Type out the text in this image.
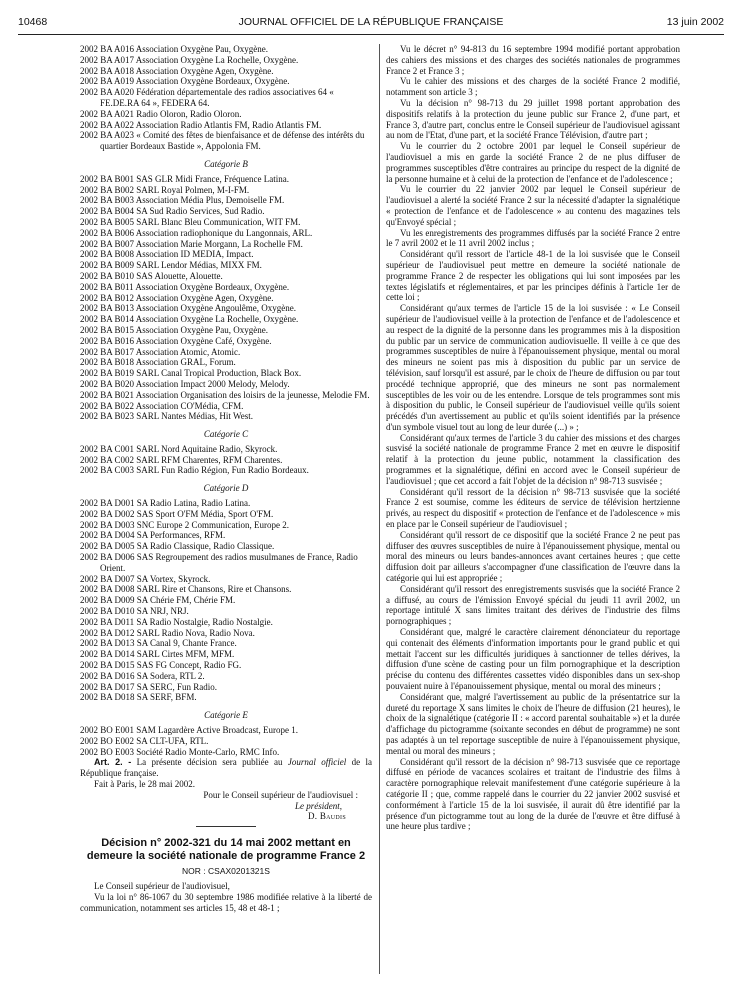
10468	JOURNAL OFFICIEL DE LA RÉPUBLIQUE FRANÇAISE	13 juin 2002
2002 BA A016 Association Oxygène Pau, Oxygène.
2002 BA A017 Association Oxygène La Rochelle, Oxygène.
2002 BA A018 Association Oxygène Agen, Oxygène.
2002 BA A019 Association Oxygène Bordeaux, Oxygène.
2002 BA A020 Fédération départementale des radios associatives 64 « FE.DE.RA 64 », FEDERA 64.
2002 BA A021 Radio Oloron, Radio Oloron.
2002 BA A022 Association Radio Atlantis FM, Radio Atlantis FM.
2002 BA A023 « Comité des fêtes de bienfaisance et de défense des intérêts du quartier Bordeaux Bastide », Appolonia FM.
Catégorie B
2002 BA B001 SAS GLR Midi France, Fréquence Latina.
2002 BA B002 SARL Royal Polmen, M-I-FM.
2002 BA B003 Association Média Plus, Demoiselle FM.
2002 BA B004 SA Sud Radio Services, Sud Radio.
2002 BA B005 SARL Blanc Bleu Communication, WIT FM.
2002 BA B006 Association radiophonique du Langonnais, ARL.
2002 BA B007 Association Marie Morgann, La Rochelle FM.
2002 BA B008 Association ID MEDIA, Impact.
2002 BA B009 SARL Lendor Médias, MIXX FM.
2002 BA B010 SAS Alouette, Alouette.
2002 BA B011 Association Oxygène Bordeaux, Oxygène.
2002 BA B012 Association Oxygène Agen, Oxygène.
2002 BA B013 Association Oxygène Angoulême, Oxygène.
2002 BA B014 Association Oxygène La Rochelle, Oxygène.
2002 BA B015 Association Oxygène Pau, Oxygène.
2002 BA B016 Association Oxygène Café, Oxygène.
2002 BA B017 Association Atomic, Atomic.
2002 BA B018 Association GRAL, Forum.
2002 BA B019 SARL Canal Tropical Production, Black Box.
2002 BA B020 Association Impact 2000 Melody, Melody.
2002 BA B021 Association Organisation des loisirs de la jeunesse, Melodie FM.
2002 BA B022 Association CO'Média, CFM.
2002 BA B023 SARL Nantes Médias, Hit West.
Catégorie C
2002 BA C001 SARL Nord Aquitaine Radio, Skyrock.
2002 BA C002 SARL RFM Charentes, RFM Charentes.
2002 BA C003 SARL Fun Radio Région, Fun Radio Bordeaux.
Catégorie D
2002 BA D001 SA Radio Latina, Radio Latina.
2002 BA D002 SAS Sport O'FM Média, Sport O'FM.
2002 BA D003 SNC Europe 2 Communication, Europe 2.
2002 BA D004 SA Performances, RFM.
2002 BA D005 SA Radio Classique, Radio Classique.
2002 BA D006 SAS Regroupement des radios musulmanes de France, Radio Orient.
2002 BA D007 SA Vortex, Skyrock.
2002 BA D008 SARL Rire et Chansons, Rire et Chansons.
2002 BA D009 SA Chérie FM, Chérie FM.
2002 BA D010 SA NRJ, NRJ.
2002 BA D011 SA Radio Nostalgie, Radio Nostalgie.
2002 BA D012 SARL Radio Nova, Radio Nova.
2002 BA D013 SA Canal 9, Chante France.
2002 BA D014 SARL Cirtes MFM, MFM.
2002 BA D015 SAS FG Concept, Radio FG.
2002 BA D016 SA Sodera, RTL 2.
2002 BA D017 SA SERC, Fun Radio.
2002 BA D018 SA SERF, BFM.
Catégorie E
2002 BO E001 SAM Lagardère Active Broadcast, Europe 1.
2002 BO E002 SA CLT-UFA, RTL.
2002 BO E003 Société Radio Monte-Carlo, RMC Info.
Art. 2. - La présente décision sera publiée au Journal officiel de la République française.
Fait à Paris, le 28 mai 2002.
Pour le Conseil supérieur de l'audiovisuel :
Le président,
D. Baudis
Décision n° 2002-321 du 14 mai 2002 mettant en demeure la société nationale de programme France 2
NOR : CSAX0201321S
Le Conseil supérieur de l'audiovisuel,
Vu la loi n° 86-1067 du 30 septembre 1986 modifiée relative à la liberté de communication, notamment ses articles 15, 48 et 48-1 ;
Vu le décret n° 94-813 du 16 septembre 1994 modifié portant approbation des cahiers des missions et des charges des sociétés nationales de programmes France 2 et France 3 ;
Vu le cahier des missions et des charges de la société France 2 modifié, notamment son article 3 ;
Vu la décision n° 98-713 du 29 juillet 1998 portant approbation des dispositifs relatifs à la protection du jeune public sur France 2, d'une part, et France 3, d'autre part, conclus entre le Conseil supérieur de l'audiovisuel agissant au nom de l'Etat, d'une part, et la société France Télévision, d'autre part ;
Vu le courrier du 2 octobre 2001 par lequel le Conseil supérieur de l'audiovisuel a mis en garde la société France 2 de ne plus diffuser de programmes susceptibles d'être contraires au principe du respect de la dignité de la personne humaine et à celui de la protection de l'enfance et de l'adolescence ;
Vu le courrier du 22 janvier 2002 par lequel le Conseil supérieur de l'audiovisuel a alerté la société France 2 sur la nécessité d'adapter la signalétique « protection de l'enfance et de l'adolescence » au contenu des magazines tels qu'Envoyé spécial ;
Vu les enregistrements des programmes diffusés par la société France 2 entre le 7 avril 2002 et le 11 avril 2002 inclus ;
Considérant qu'il ressort de l'article 48-1 de la loi susvisée que le Conseil supérieur de l'audiovisuel peut mettre en demeure la société nationale de programme France 2 de respecter les obligations qui lui sont imposées par les textes législatifs et réglementaires, et par les principes définis à l'article 1er de cette loi ;
Considérant qu'aux termes de l'article 15 de la loi susvisée : « Le Conseil supérieur de l'audiovisuel veille à la protection de l'enfance et de l'adolescence et au respect de la dignité de la personne dans les programmes mis à la disposition du public par un service de communication audiovisuelle. Il veille à ce que des programmes susceptibles de nuire à l'épanouissement physique, mental ou moral des mineurs ne soient pas mis à disposition du public par un service de télévision, sauf lorsqu'il est assuré, par le choix de l'heure de diffusion ou par tout procédé technique approprié, que des mineurs ne sont pas normalement susceptibles de les voir ou de les entendre. Lorsque de tels programmes sont mis à disposition du public, le Conseil supérieur de l'audiovisuel veille qu'ils soient précédés d'un avertissement au public et qu'ils soient identifiés par la présence d'un symbole visuel tout au long de leur durée (...) » ;
Considérant qu'aux termes de l'article 3 du cahier des missions et des charges susvisé la société nationale de programme France 2 met en œuvre le dispositif relatif à la protection du jeune public, notamment la classification des programmes et la signalétique, défini en accord avec le Conseil supérieur de l'audiovisuel ; que cet accord a fait l'objet de la décision n° 98-713 susvisée ;
Considérant qu'il ressort de la décision n° 98-713 susvisée que la société France 2 est soumise, comme les éditeurs de service de télévision hertzienne privés, au respect du dispositif « protection de l'enfance et de l'adolescence » mis en place par le Conseil supérieur de l'audiovisuel ;
Considérant qu'il ressort de ce dispositif que la société France 2 ne peut pas diffuser des œuvres susceptibles de nuire à l'épanouissement physique, mental ou moral des mineurs ou leurs bandes-annonces avant certaines heures ; que cette diffusion doit par ailleurs s'accompagner d'une classification de l'œuvre dans la catégorie qui lui est appropriée ;
Considérant qu'il ressort des enregistrements susvisés que la société France 2 a diffusé, au cours de l'émission Envoyé spécial du jeudi 11 avril 2002, un reportage intitulé X sans limites traitant des dérives de l'industrie des films pornographiques ;
Considérant que, malgré le caractère clairement dénonciateur du reportage qui contenait des éléments d'information importants pour le grand public et qui mettait l'accent sur les difficultés juridiques à sanctionner de telles dérives, la diffusion d'une scène de casting pour un film pornographique et la description précise du contenu des différentes cassettes vidéo disponibles dans un sex-shop pouvaient nuire à l'épanouissement physique, mental ou moral des mineurs ;
Considérant que, malgré l'avertissement au public de la présentatrice sur la dureté du reportage X sans limites le choix de l'heure de diffusion (21 heures), le choix de la signalétique (catégorie II : « accord parental souhaitable ») et la durée d'affichage du pictogramme (soixante secondes en début de programme) ne sont pas adaptés à un tel reportage susceptible de nuire à l'épanouissement physique, mental ou moral des mineurs ;
Considérant qu'il ressort de la décision n° 98-713 susvisée que ce reportage diffusé en période de vacances scolaires et traitant de l'industrie des films à caractère pornographique relevait manifestement d'une catégorie supérieure à la catégorie II ; que, comme rappelé dans le courrier du 22 janvier 2002 susvisé et conformément à l'article 15 de la loi susvisée, il aurait dû être identifié par la présence d'un pictogramme tout au long de la durée de l'œuvre et être diffusé à une heure plus tardive ;
